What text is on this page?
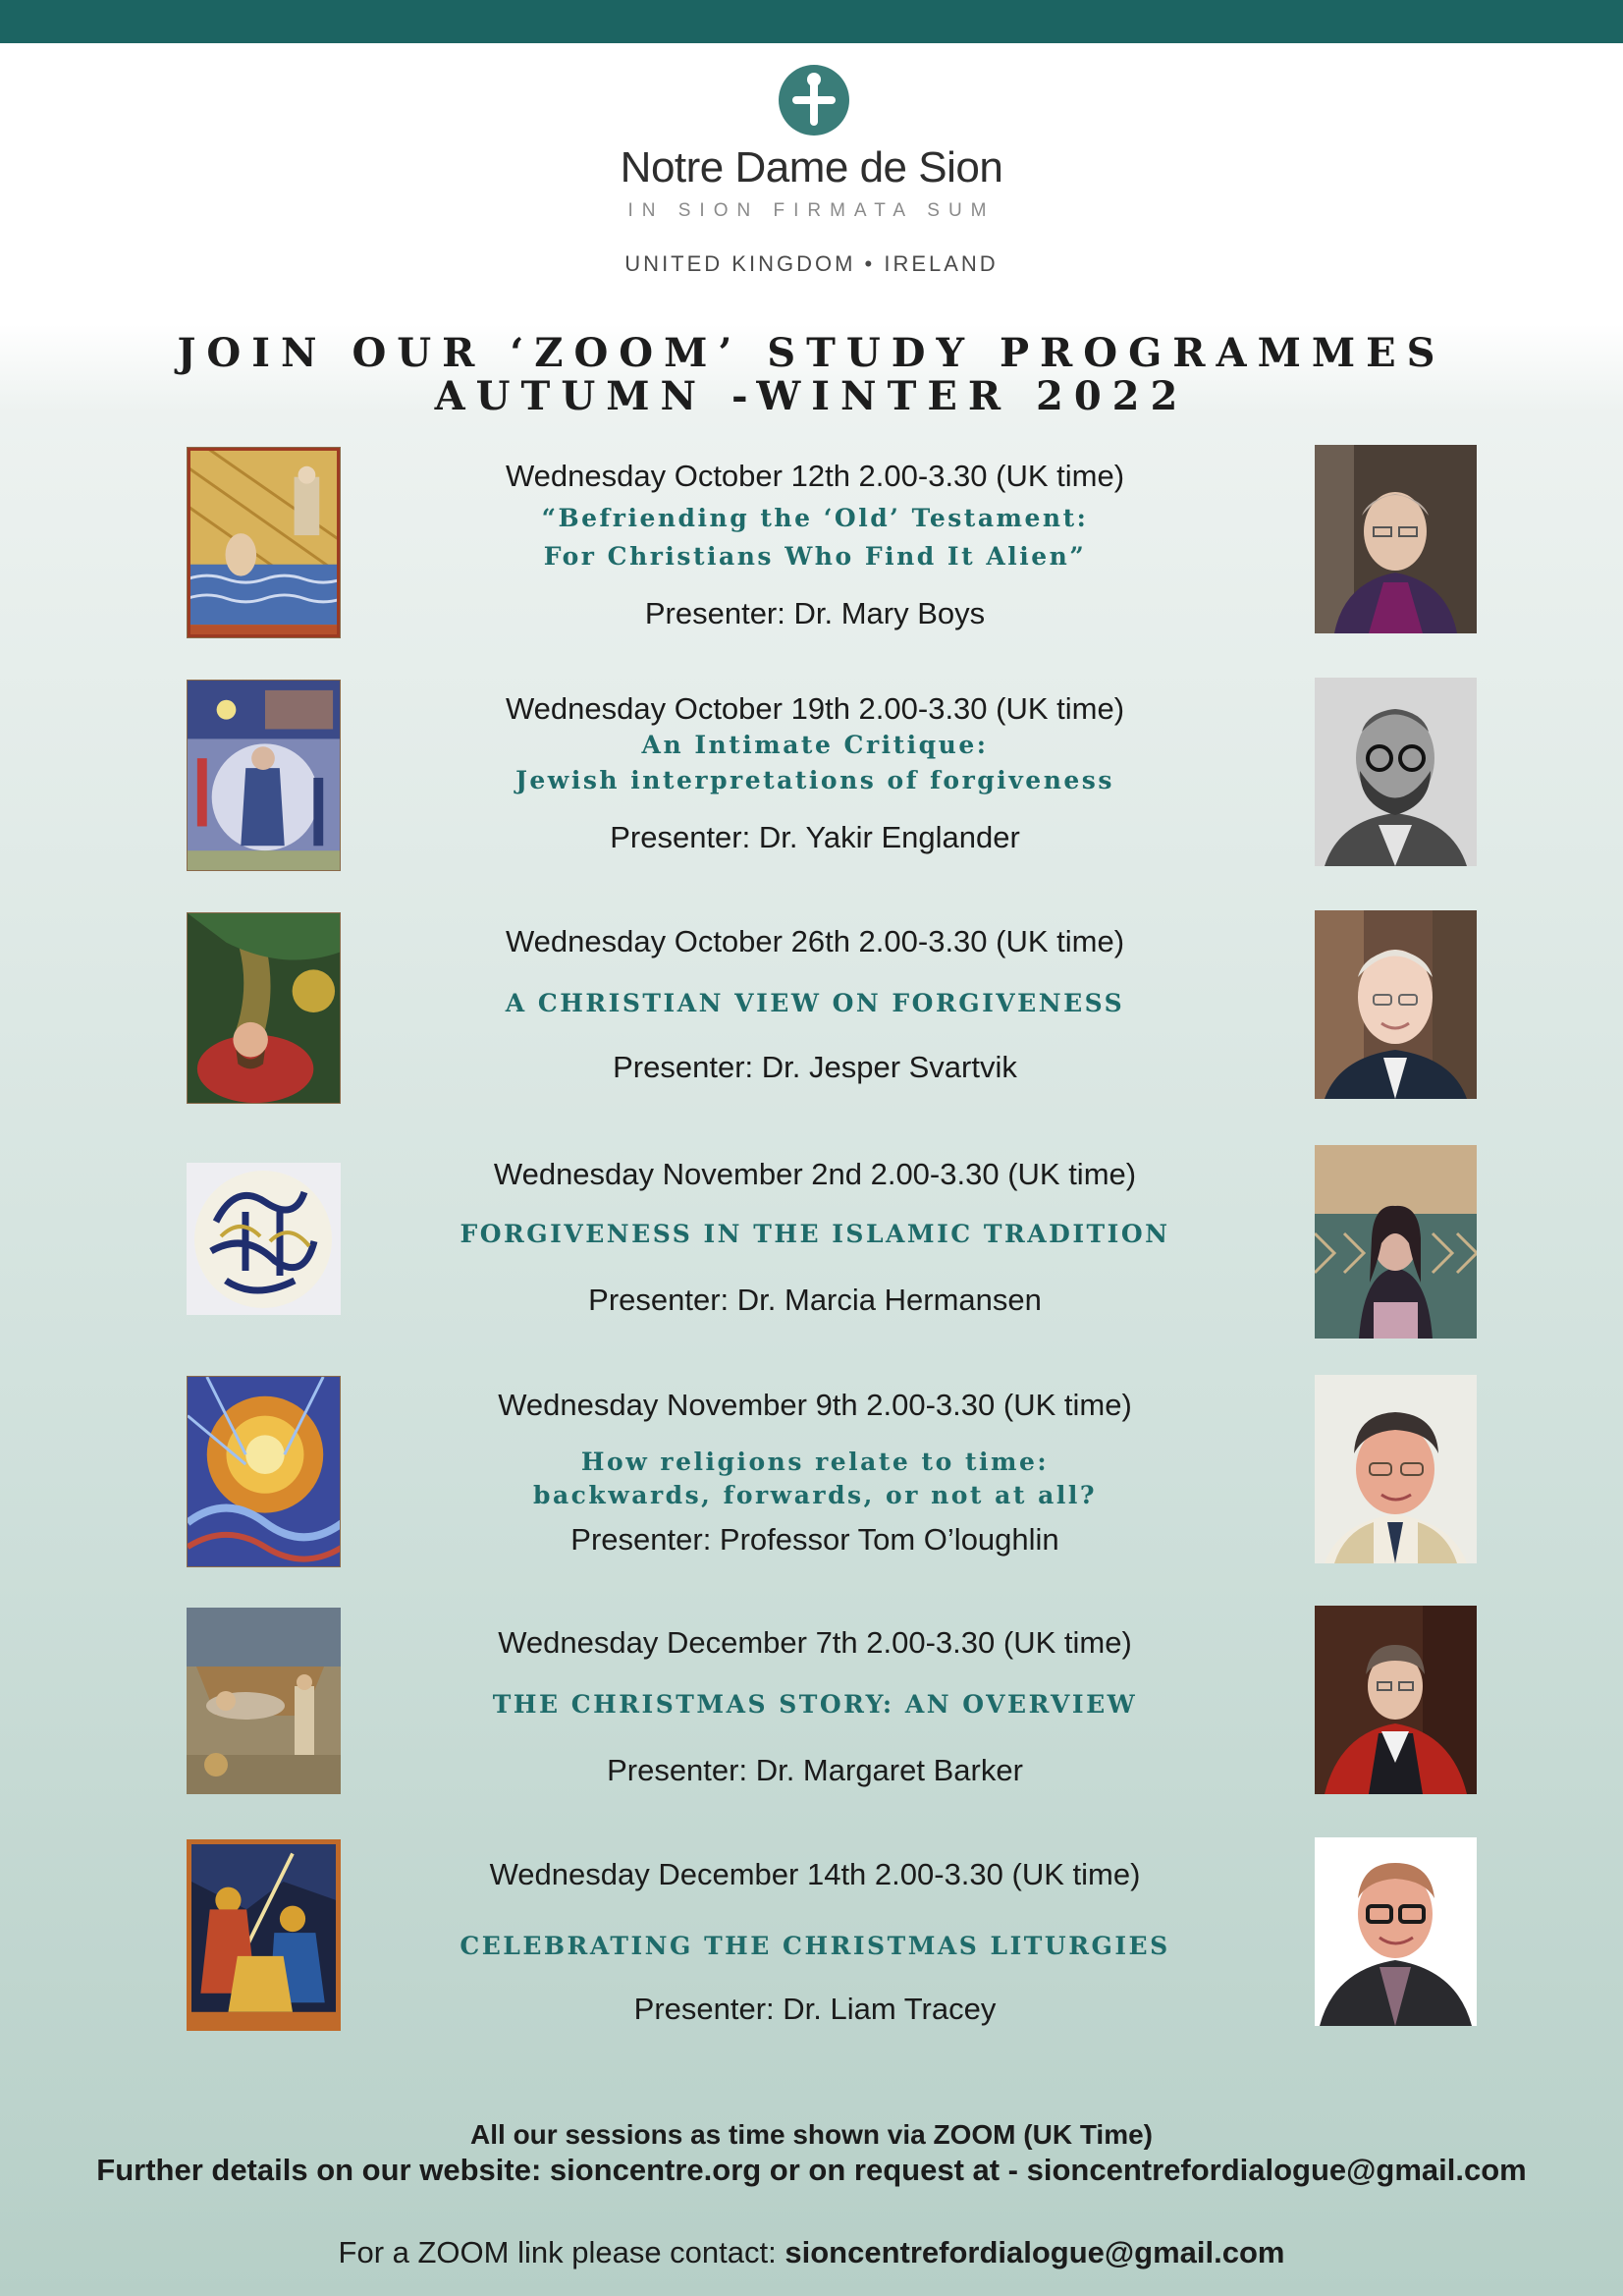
Notre Dame de Sion
IN SION FIRMATA SUM
UNITED KINGDOM • IRELAND
JOIN OUR ‘ZOOM’ STUDY PROGRAMMES
AUTUMN -WINTER 2022
Wednesday October 12th 2.00-3.30 (UK time)
“Befriending the ‘Old’ Testament:
For Christians Who Find It Alien”
Presenter: Dr. Mary Boys
Wednesday October 19th 2.00-3.30 (UK time)
An Intimate Critique:
Jewish interpretations of forgiveness
Presenter: Dr. Yakir Englander
Wednesday October 26th 2.00-3.30 (UK time)
A CHRISTIAN VIEW ON FORGIVENESS
Presenter: Dr. Jesper Svartvik
Wednesday November 2nd 2.00-3.30 (UK time)
FORGIVENESS IN THE ISLAMIC TRADITION
Presenter: Dr. Marcia Hermansen
Wednesday November 9th 2.00-3.30 (UK time)
How religions relate to time:
backwards, forwards, or not at all?
Presenter: Professor Tom O’loughlin
Wednesday December 7th 2.00-3.30 (UK time)
THE CHRISTMAS STORY: AN OVERVIEW
Presenter: Dr. Margaret Barker
Wednesday December 14th 2.00-3.30 (UK time)
CELEBRATING THE CHRISTMAS LITURGIES
Presenter: Dr. Liam Tracey
All our sessions as time shown via ZOOM (UK Time)
Further details on our website: sioncentre.org or on request at - sioncentrefordialogue@gmail.com
For a ZOOM link please contact: sioncentrefordialogue@gmail.com
